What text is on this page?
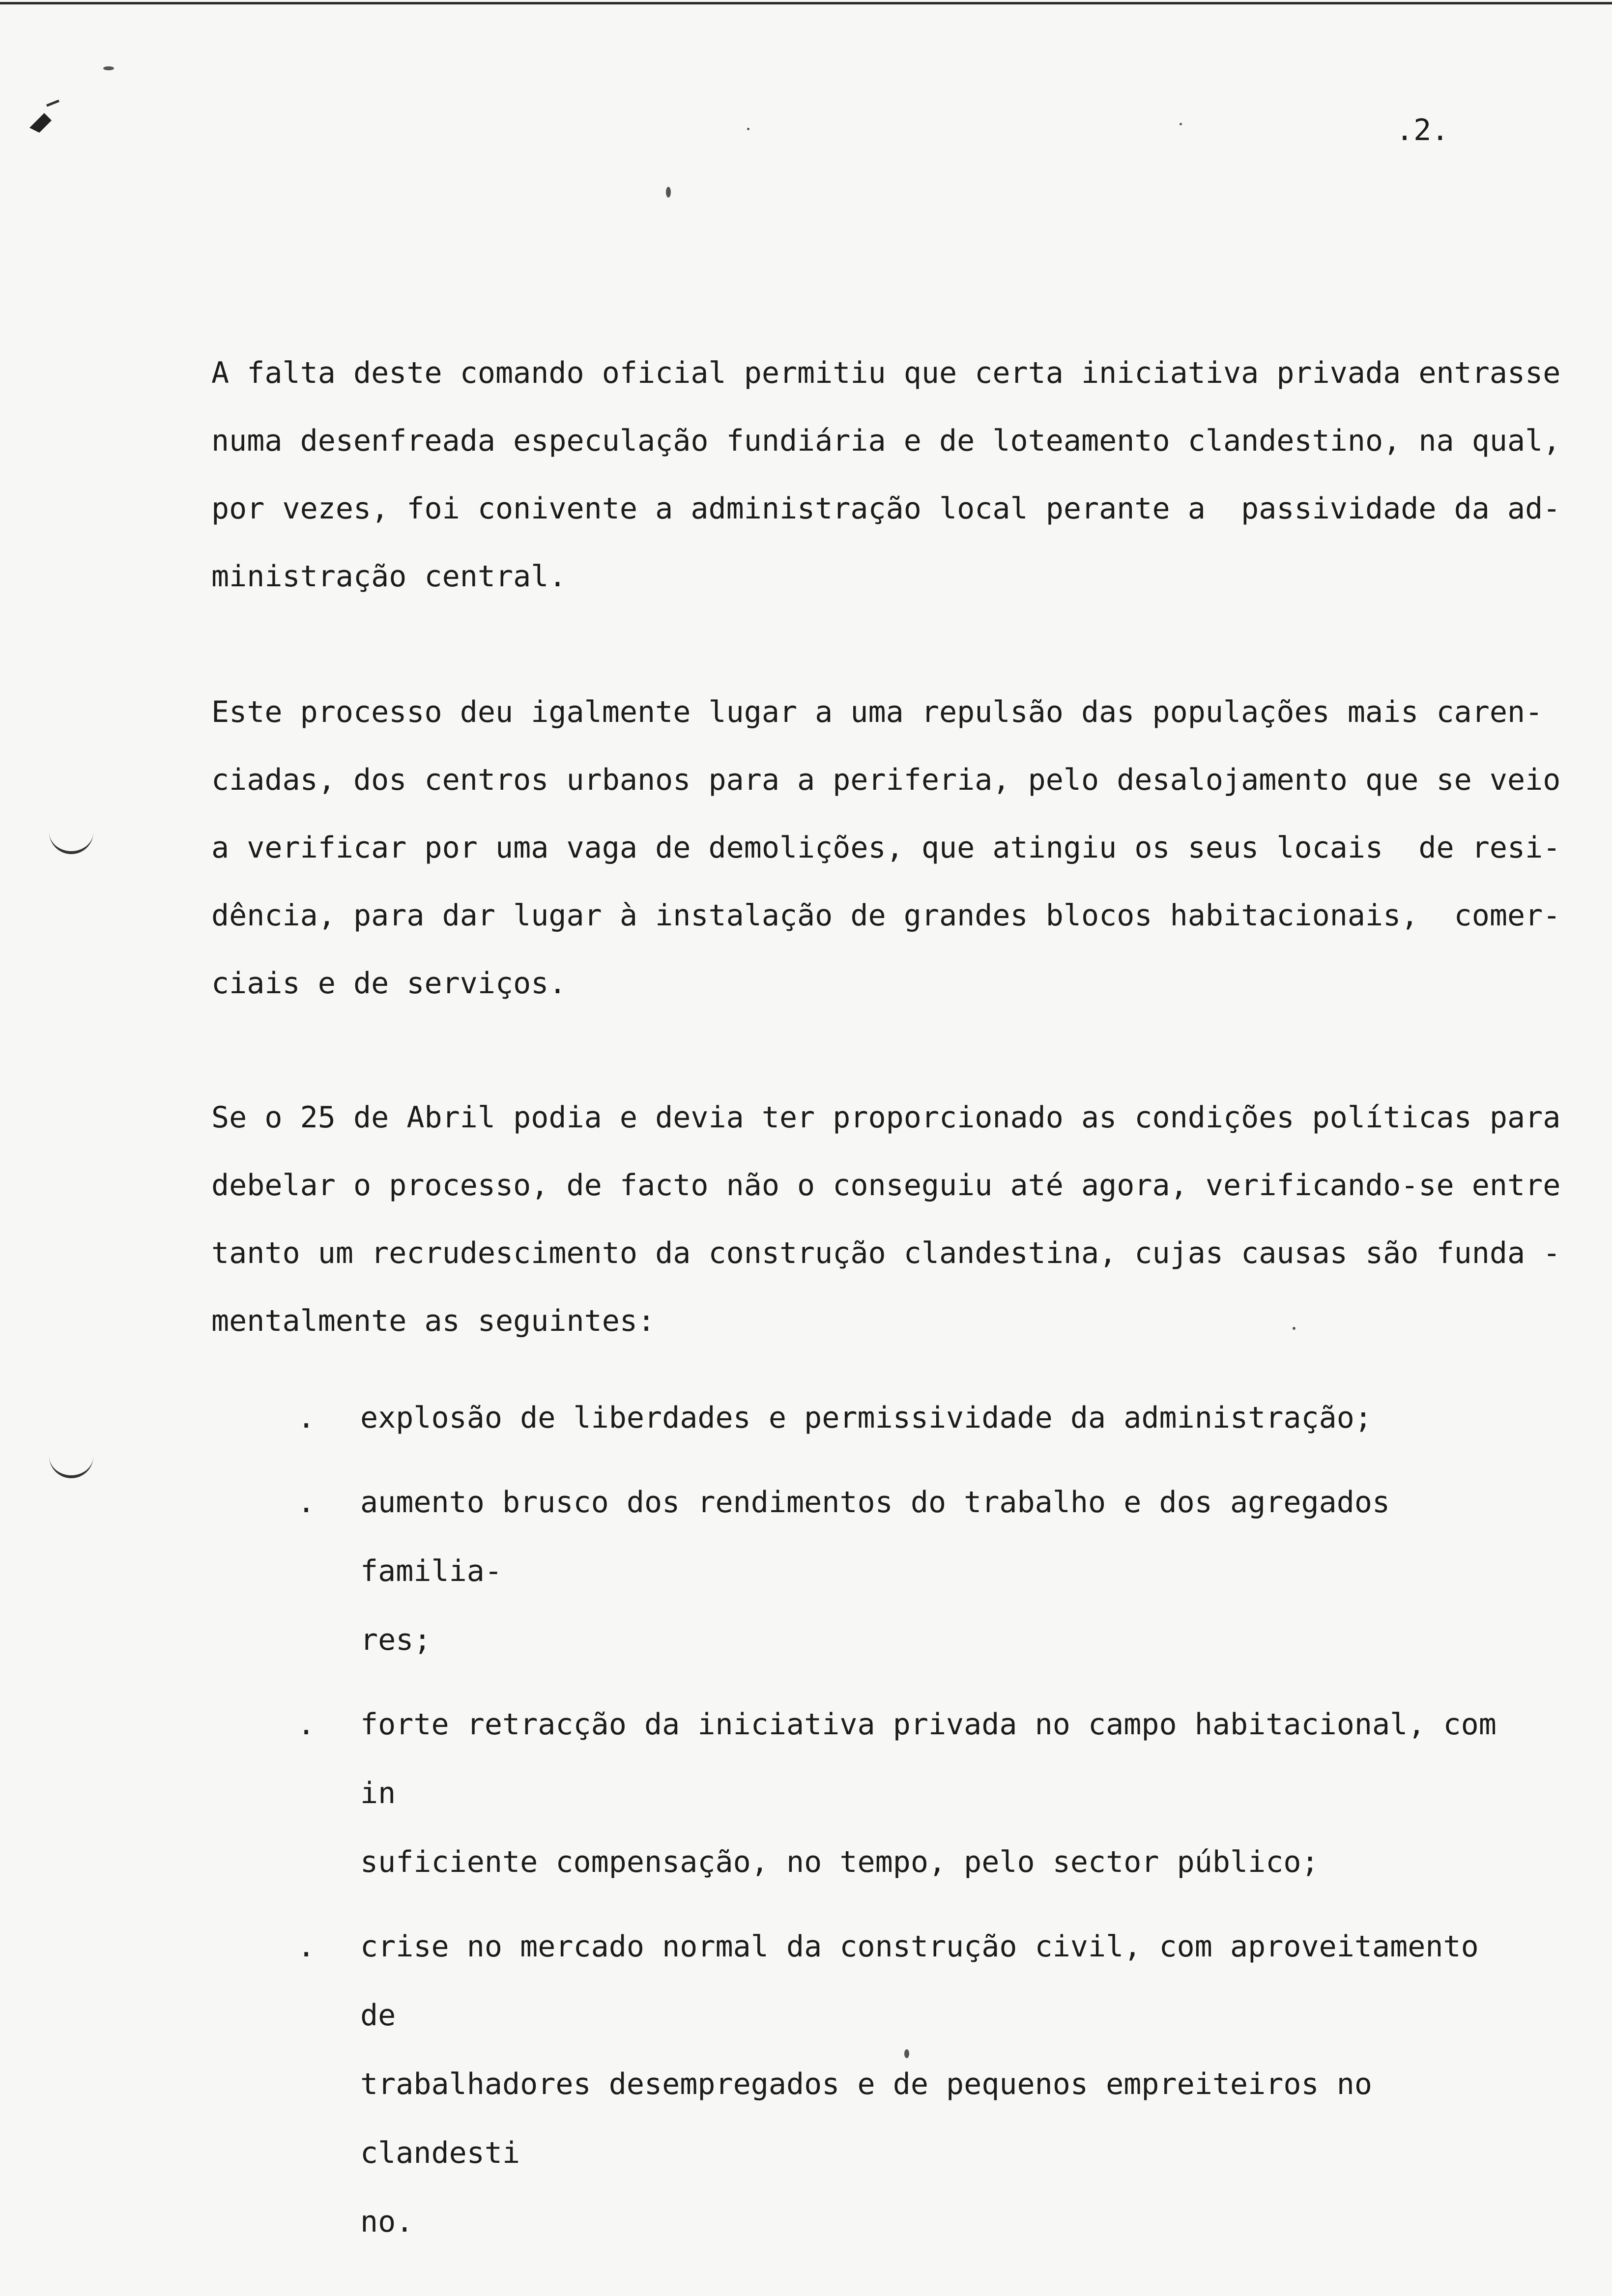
.2.
A falta deste comando oficial permitiu que certa iniciativa privada entrasse
numa desenfreada especulação fundiária e de loteamento clandestino, na qual,
por vezes, foi conivente a administração local perante a  passividade da ad-
ministração central.
Este processo deu igalmente lugar a uma repulsão das populações mais caren-
ciadas, dos centros urbanos para a periferia, pelo desalojamento que se veio
a verificar por uma vaga de demolições, que atingiu os seus locais  de resi-
dência, para dar lugar à instalação de grandes blocos habitacionais,  comer-
ciais e de serviços.
Se o 25 de Abril podia e devia ter proporcionado as condições políticas para
debelar o processo, de facto não o conseguiu até agora, verificando-se entre
tanto um recrudescimento da construção clandestina, cujas causas são funda -
mentalmente as seguintes:
.	explosão de liberdades e permissividade da administração;
.	aumento brusco dos rendimentos do trabalho e dos agregados familia-
res;
.	forte retracção da iniciativa privada no campo habitacional, com in
suficiente compensação, no tempo, pelo sector público;
.	crise no mercado normal da construção civil, com aproveitamento de
trabalhadores desempregados e de pequenos empreiteiros no clandesti
no.
